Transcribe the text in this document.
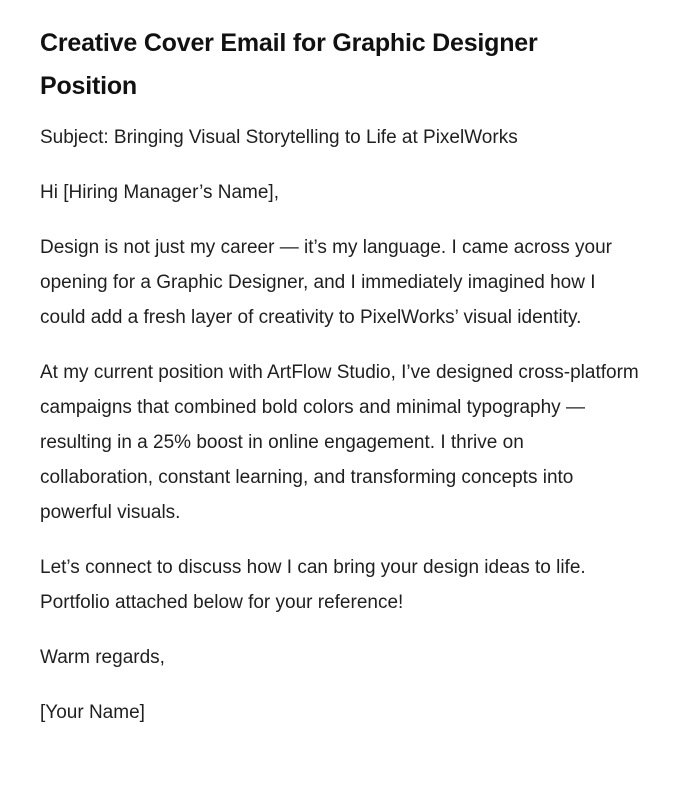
Creative Cover Email for Graphic Designer Position

Subject: Bringing Visual Storytelling to Life at PixelWorks

Hi [Hiring Manager’s Name],

Design is not just my career — it’s my language. I came across your opening for a Graphic Designer, and I immediately imagined how I could add a fresh layer of creativity to PixelWorks’ visual identity.

At my current position with ArtFlow Studio, I’ve designed cross-platform campaigns that combined bold colors and minimal typography — resulting in a 25% boost in online engagement. I thrive on collaboration, constant learning, and transforming concepts into powerful visuals.

Let’s connect to discuss how I can bring your design ideas to life. Portfolio attached below for your reference!

Warm regards,

[Your Name]
